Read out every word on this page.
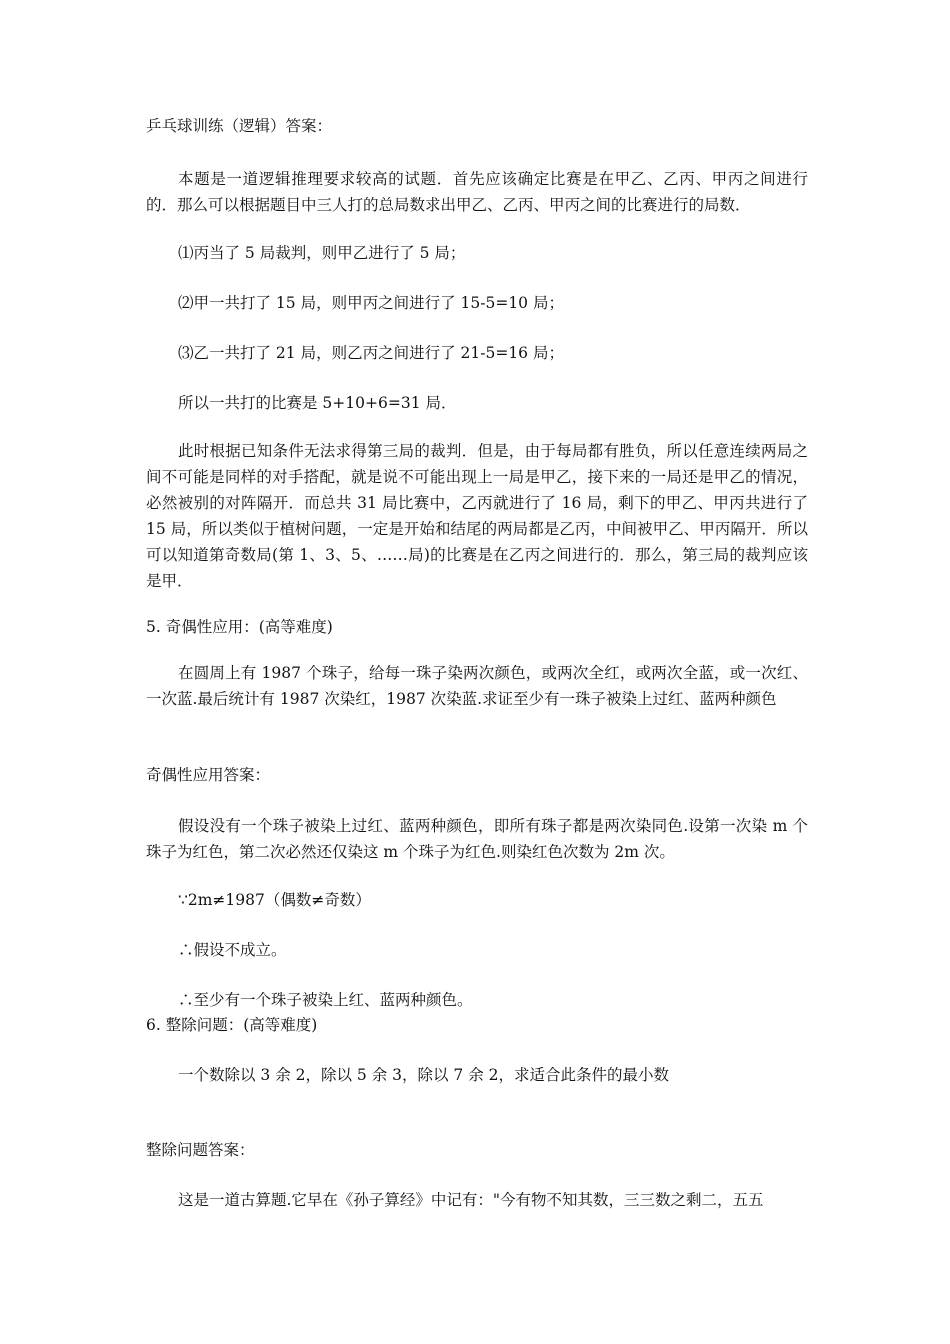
乒乓球训练（逻辑）答案：
本题是一道逻辑推理要求较高的试题．首先应该确定比赛是在甲乙、乙丙、甲丙之间进行的．那么可以根据题目中三人打的总局数求出甲乙、乙丙、甲丙之间的比赛进行的局数．
⑴丙当了 5 局裁判，则甲乙进行了 5 局；
⑵甲一共打了 15 局，则甲丙之间进行了 15-5=10 局；
⑶乙一共打了 21 局，则乙丙之间进行了 21-5=16 局；
所以一共打的比赛是 5+10+6=31 局．
此时根据已知条件无法求得第三局的裁判．但是，由于每局都有胜负，所以任意连续两局之间不可能是同样的对手搭配，就是说不可能出现上一局是甲乙，接下来的一局还是甲乙的情况，必然被别的对阵隔开．而总共 31 局比赛中，乙丙就进行了 16 局，剩下的甲乙、甲丙共进行了 15 局，所以类似于植树问题，一定是开始和结尾的两局都是乙丙，中间被甲乙、甲丙隔开．所以可以知道第奇数局(第 1、3、5、……局)的比赛是在乙丙之间进行的．那么，第三局的裁判应该是甲．
5. 奇偶性应用：(高等难度)
在圆周上有 1987 个珠子，给每一珠子染两次颜色，或两次全红，或两次全蓝，或一次红、一次蓝.最后统计有 1987 次染红，1987 次染蓝.求证至少有一珠子被染上过红、蓝两种颜色
奇偶性应用答案：
假设没有一个珠子被染上过红、蓝两种颜色，即所有珠子都是两次染同色.设第一次染 m 个珠子为红色，第二次必然还仅染这 m 个珠子为红色.则染红色次数为 2m 次。
∵2m≠1987（偶数≠奇数）
∴假设不成立。
∴至少有一个珠子被染上红、蓝两种颜色。
6. 整除问题：(高等难度)
一个数除以 3 余 2，除以 5 余 3，除以 7 余 2，求适合此条件的最小数
整除问题答案：
这是一道古算题.它早在《孙子算经》中记有："今有物不知其数，三三数之剩二，五五
